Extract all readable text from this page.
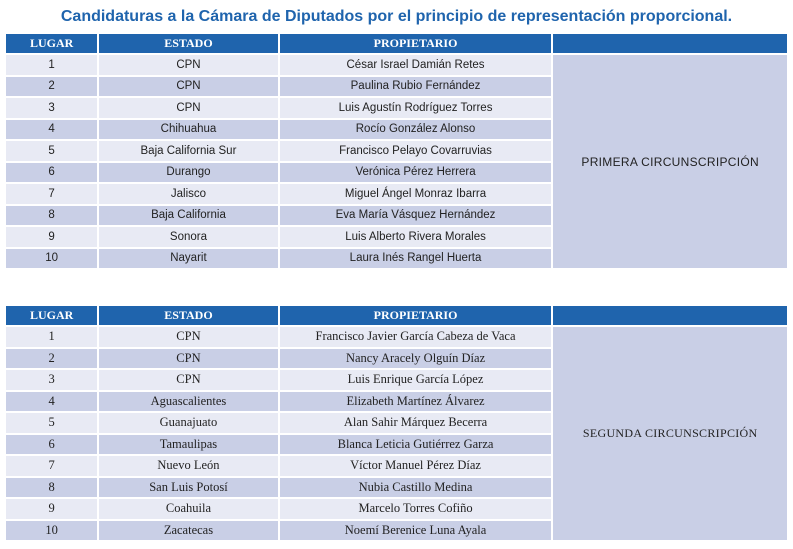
Candidaturas a la Cámara de Diputados por el principio de representación proporcional.
LUGAR	ESTADO	PROPIETARIO	
1	CPN	César Israel Damián Retes	PRIMERA CIRCUNSCRIPCIÓN
2	CPN	Paulina Rubio Fernández	
3	CPN	Luis Agustín Rodríguez Torres	
4	Chihuahua	Rocío González Alonso	
5	Baja California Sur	Francisco Pelayo Covarruvias	
6	Durango	Verónica Pérez Herrera	
7	Jalisco	Miguel Ángel Monraz Ibarra	
8	Baja California	Eva María Vásquez Hernández	
9	Sonora	Luis Alberto Rivera Morales	
10	Nayarit	Laura Inés Rangel Huerta	
LUGAR	ESTADO	PROPIETARIO	
1	CPN	Francisco Javier García Cabeza de Vaca	SEGUNDA CIRCUNSCRIPCIÓN
2	CPN	Nancy Aracely Olguín Díaz	
3	CPN	Luis Enrique García López	
4	Aguascalientes	Elizabeth Martínez Álvarez	
5	Guanajuato	Alan Sahir Márquez Becerra	
6	Tamaulipas	Blanca Leticia Gutiérrez Garza	
7	Nuevo León	Víctor Manuel Pérez Díaz	
8	San Luis Potosí	Nubia Castillo Medina	
9	Coahuila	Marcelo Torres Cofiño	
10	Zacatecas	Noemí Berenice Luna Ayala	
